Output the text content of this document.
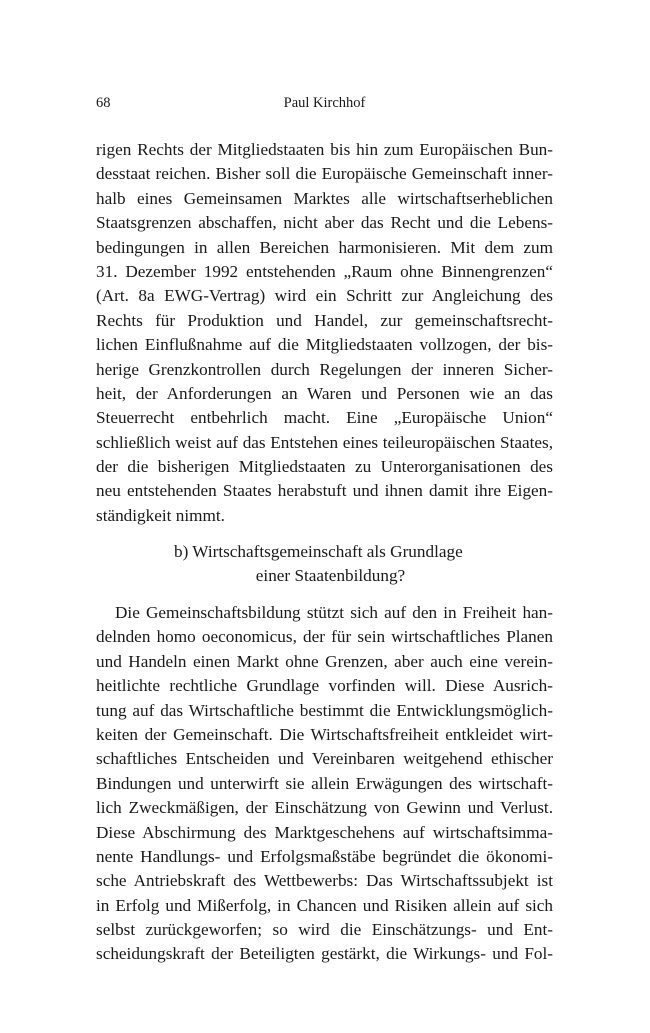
68	Paul Kirchhof
rigen Rechts der Mitgliedstaaten bis hin zum Europäischen Bun-
desstaat reichen. Bisher soll die Europäische Gemeinschaft inner-
halb eines Gemeinsamen Marktes alle wirtschaftserheblichen
Staatsgrenzen abschaffen, nicht aber das Recht und die Lebens-
bedingungen in allen Bereichen harmonisieren. Mit dem zum
31. Dezember 1992 entstehenden „Raum ohne Binnengrenzen“
(Art. 8a EWG-Vertrag) wird ein Schritt zur Angleichung des
Rechts für Produktion und Handel, zur gemeinschaftsrecht-
lichen Einflußnahme auf die Mitgliedstaaten vollzogen, der bis-
herige Grenzkontrollen durch Regelungen der inneren Sicher-
heit, der Anforderungen an Waren und Personen wie an das
Steuerrecht entbehrlich macht. Eine „Europäische Union“
schließlich weist auf das Entstehen eines teileuropäischen Staates,
der die bisherigen Mitgliedstaaten zu Unterorganisationen des
neu entstehenden Staates herabstuft und ihnen damit ihre Eigen-
ständigkeit nimmt.
b) Wirtschaftsgemeinschaft als Grundlage
einer Staatenbildung?
Die Gemeinschaftsbildung stützt sich auf den in Freiheit han-
delnden homo oeconomicus, der für sein wirtschaftliches Planen
und Handeln einen Markt ohne Grenzen, aber auch eine verein-
heitlichte rechtliche Grundlage vorfinden will. Diese Ausrich-
tung auf das Wirtschaftliche bestimmt die Entwicklungsmöglich-
keiten der Gemeinschaft. Die Wirtschaftsfreiheit entkleidet wirt-
schaftliches Entscheiden und Vereinbaren weitgehend ethischer
Bindungen und unterwirft sie allein Erwägungen des wirtschaft-
lich Zweckmäßigen, der Einschätzung von Gewinn und Verlust.
Diese Abschirmung des Marktgeschehens auf wirtschaftsimma-
nente Handlungs- und Erfolgsmaßstäbe begründet die ökonomi-
sche Antriebskraft des Wettbewerbs: Das Wirtschaftssubjekt ist
in Erfolg und Mißerfolg, in Chancen und Risiken allein auf sich
selbst zurückgeworfen; so wird die Einschätzungs- und Ent-
scheidungskraft der Beteiligten gestärkt, die Wirkungs- und Fol-
